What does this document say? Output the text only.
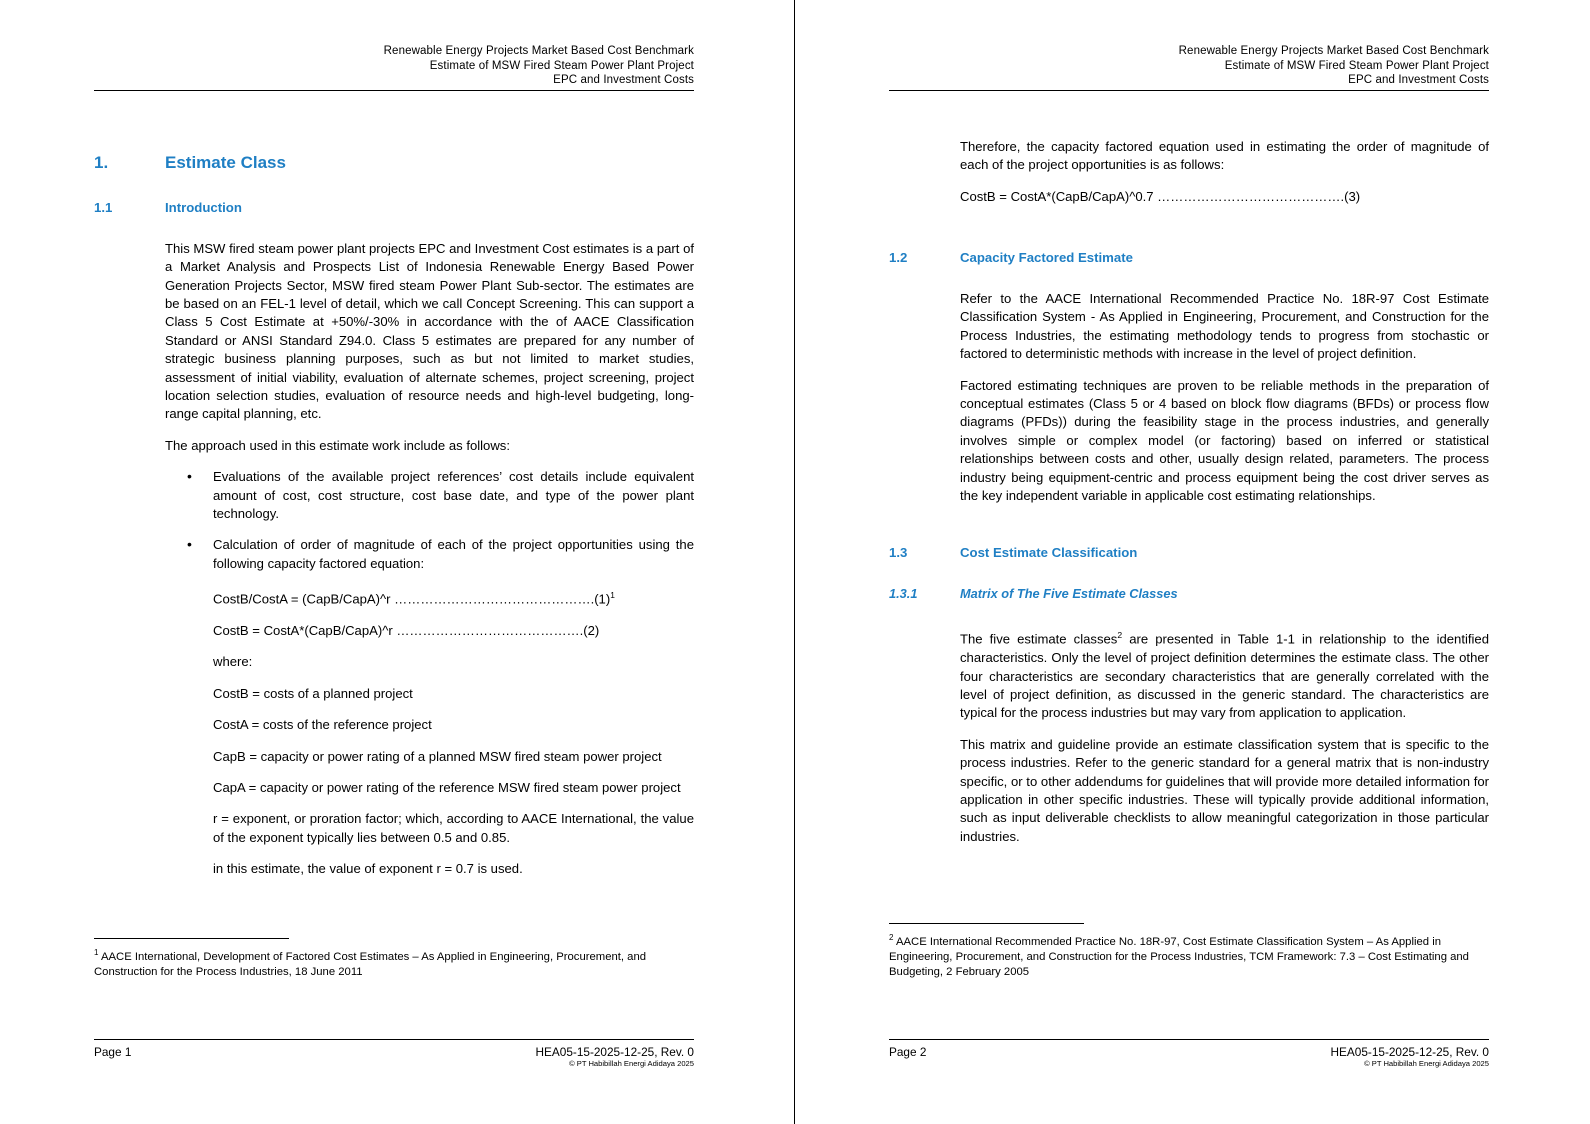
Renewable Energy Projects Market Based Cost Benchmark
Estimate of MSW Fired Steam Power Plant Project
EPC and Investment Costs
1.	Estimate Class
1.1	Introduction

This MSW fired steam power plant projects EPC and Investment Cost estimates is a part of a Market Analysis and Prospects List of Indonesia Renewable Energy Based Power Generation Projects Sector, MSW fired steam Power Plant Sub-sector. The estimates are be based on an FEL-1 level of detail, which we call Concept Screening. This can support a Class 5 Cost Estimate at +50%/-30% in accordance with the of AACE Classification Standard or ANSI Standard Z94.0. Class 5 estimates are prepared for any number of strategic business planning purposes, such as but not limited to market studies, assessment of initial viability, evaluation of alternate schemes, project screening, project location selection studies, evaluation of resource needs and high-level budgeting, long-range capital planning, etc.

The approach used in this estimate work include as follows:

• Evaluations of the available project references’ cost details include equivalent amount of cost, cost structure, cost base date, and type of the power plant technology.
• Calculation of order of magnitude of each of the project opportunities using the following capacity factored equation:
CostB/CostA = (CapB/CapA)^r $\dots\dots\dots\dots\dots\dots\dots\dots\dots\dots\dots\dots\dots\dots\dots.(1)^1$
CostB = CostA*(CapB/CapA)^r …………………………………….(2)
where:
CostB = costs of a planned project
CostA = costs of the reference project
CapB = capacity or power rating of a planned MSW fired steam power project
CapA = capacity or power rating of the reference MSW fired steam power project
r = exponent, or proration factor; which, according to AACE International, the value of the exponent typically lies between 0.5 and 0.85.
in this estimate, the value of exponent r = 0.7 is used.

$^1$ AACE International, Development of Factored Cost Estimates – As Applied in Engineering, Procurement, and Construction for the Process Industries, 18 June 2011

Page 1	HEA05-15-2025-12-25, Rev. 0
© PT Habibillah Energi Adidaya 2025
Renewable Energy Projects Market Based Cost Benchmark
Estimate of MSW Fired Steam Power Plant Project
EPC and Investment Costs

Therefore, the capacity factored equation used in estimating the order of magnitude of each of the project opportunities is as follows:

CostB = CostA*(CapB/CapA)^0.7 …………………………………….(3)
1.2	Capacity Factored Estimate

Refer to the AACE International Recommended Practice No. 18R-97 Cost Estimate Classification System - As Applied in Engineering, Procurement, and Construction for the Process Industries, the estimating methodology tends to progress from stochastic or factored to deterministic methods with increase in the level of project definition.

Factored estimating techniques are proven to be reliable methods in the preparation of conceptual estimates (Class 5 or 4 based on block flow diagrams (BFDs) or process flow diagrams (PFDs)) during the feasibility stage in the process industries, and generally involves simple or complex model (or factoring) based on inferred or statistical relationships between costs and other, usually design related, parameters. The process industry being equipment-centric and process equipment being the cost driver serves as the key independent variable in applicable cost estimating relationships.

1.3	Cost Estimate Classification
1.3.1	Matrix of The Five Estimate Classes

The five estimate classes$^2$ are presented in Table 1-1 in relationship to the identified characteristics. Only the level of project definition determines the estimate class. The other four characteristics are secondary characteristics that are generally correlated with the level of project definition, as discussed in the generic standard. The characteristics are typical for the process industries but may vary from application to application.

This matrix and guideline provide an estimate classification system that is specific to the process industries. Refer to the generic standard for a general matrix that is non-industry specific, or to other addendums for guidelines that will provide more detailed information for application in other specific industries. These will typically provide additional information, such as input deliverable checklists to allow meaningful categorization in those particular industries.

$^2$ AACE International Recommended Practice No. 18R-97, Cost Estimate Classification System – As Applied in Engineering, Procurement, and Construction for the Process Industries, TCM Framework: 7.3 – Cost Estimating and Budgeting, 2 February 2005

Page 2	HEA05-15-2025-12-25, Rev. 0
© PT Habibillah Energi Adidaya 2025
